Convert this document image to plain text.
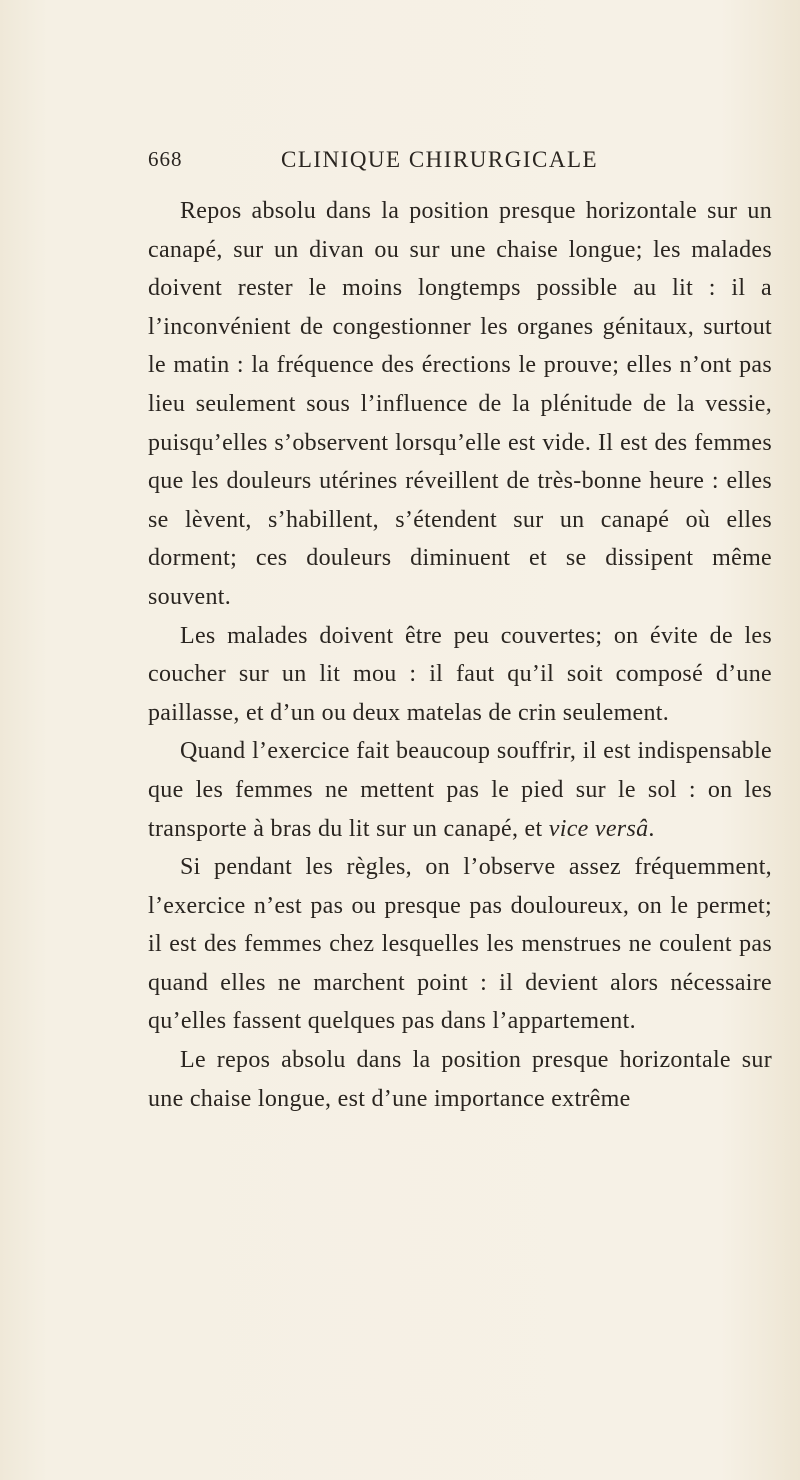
668	CLINIQUE CHIRURGICALE

Repos absolu dans la position presque horizontale sur un canapé, sur un divan ou sur une chaise longue; les malades doivent rester le moins longtemps possible au lit : il a l’inconvénient de congestionner les organes génitaux, surtout le matin : la fréquence des érections le prouve; elles n’ont pas lieu seulement sous l’influence de la plénitude de la vessie, puisqu’elles s’observent lorsqu’elle est vide. Il est des femmes que les douleurs utérines réveillent de très-bonne heure : elles se lèvent, s’habillent, s’étendent sur un canapé où elles dorment; ces douleurs diminuent et se dissipent même souvent.

Les malades doivent être peu couvertes; on évite de les coucher sur un lit mou : il faut qu’il soit composé d’une paillasse, et d’un ou deux matelas de crin seulement.

Quand l’exercice fait beaucoup souffrir, il est indispensable que les femmes ne mettent pas le pied sur le sol : on les transporte à bras du lit sur un canapé, et vice versâ.

Si pendant les règles, on l’observe assez fréquemment, l’exercice n’est pas ou presque pas douloureux, on le permet; il est des femmes chez lesquelles les menstrues ne coulent pas quand elles ne marchent point : il devient alors nécessaire qu’elles fassent quelques pas dans l’appartement.

Le repos absolu dans la position presque horizontale sur une chaise longue, est d’une importance extrême
